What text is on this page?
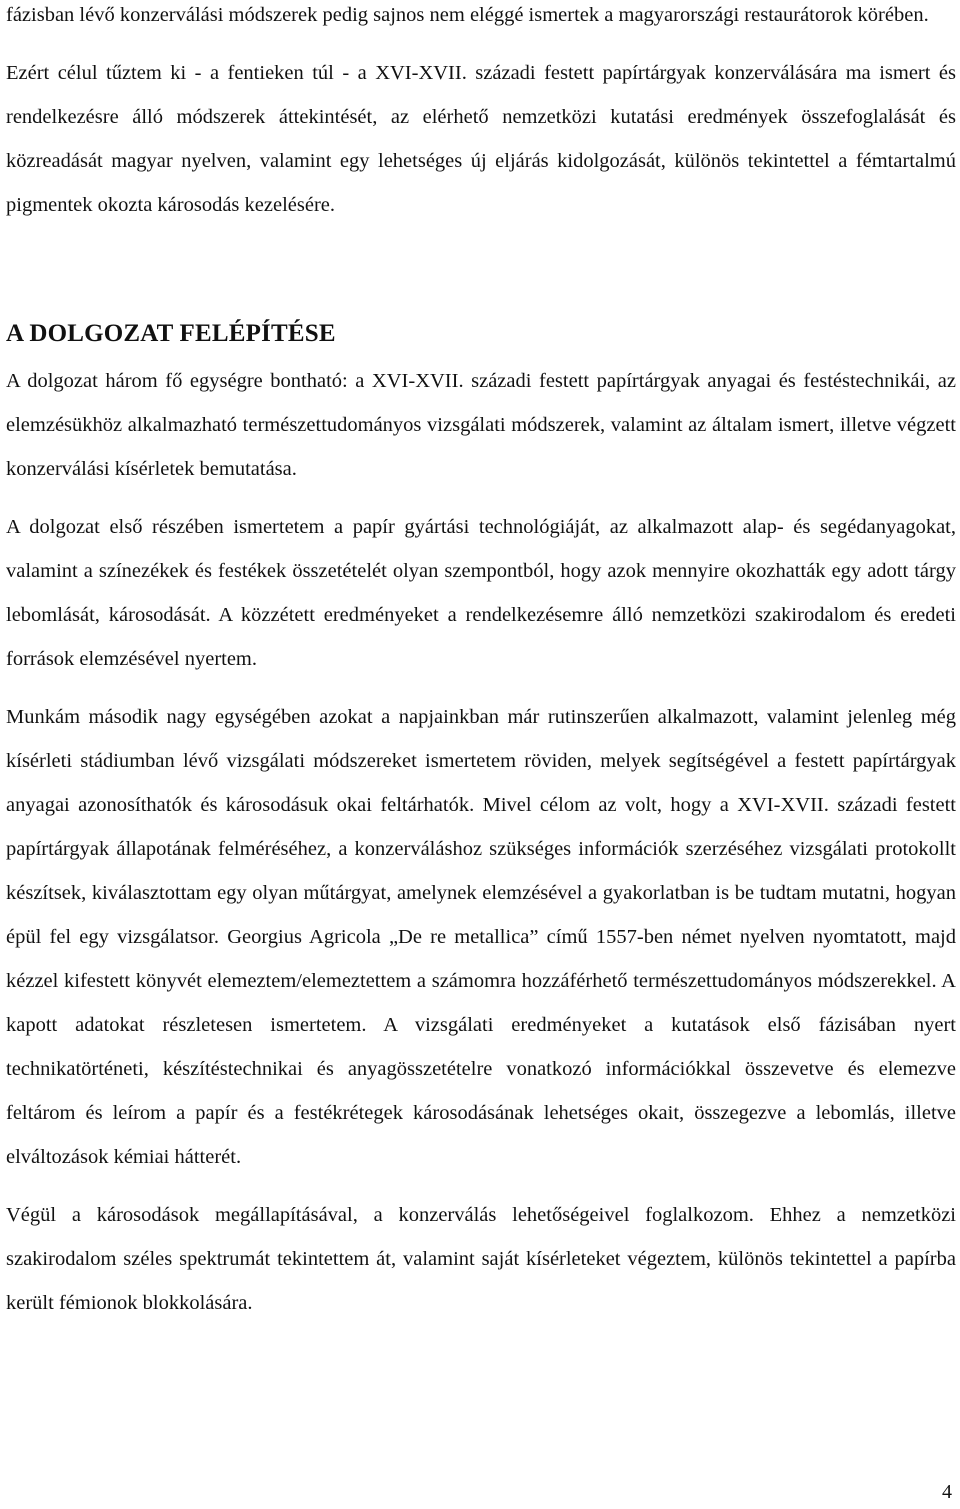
fázisban lévő konzerválási módszerek pedig sajnos nem eléggé ismertek a magyarországi restaurátorok körében.

Ezért célul tűztem ki - a fentieken túl - a XVI-XVII. századi festett papírtárgyak konzerválására ma ismert és rendelkezésre álló módszerek áttekintését, az elérhető nemzetközi kutatási eredmények összefoglalását és közreadását magyar nyelven, valamint egy lehetséges új eljárás kidolgozását, különös tekintettel a fémtartalmú pigmentek okozta károsodás kezelésére.

A DOLGOZAT FELÉPÍTÉSE

A dolgozat három fő egységre bontható: a XVI-XVII. századi festett papírtárgyak anyagai és festéstechnikái, az elemzésükhöz alkalmazható természettudományos vizsgálati módszerek, valamint az általam ismert, illetve végzett konzerválási kísérletek bemutatása.

A dolgozat első részében ismertetem a papír gyártási technológiáját, az alkalmazott alap- és segédanyagokat, valamint a színezékek és festékek összetételét olyan szempontból, hogy azok mennyire okozhatták egy adott tárgy lebomlását, károsodását. A közzétett eredményeket a rendelkezésemre álló nemzetközi szakirodalom és eredeti források elemzésével nyertem.

Munkám második nagy egységében azokat a napjainkban már rutinszerűen alkalmazott, valamint jelenleg még kísérleti stádiumban lévő vizsgálati módszereket ismertetem röviden, melyek segítségével a festett papírtárgyak anyagai azonosíthatók és károsodásuk okai feltárhatók. Mivel célom az volt, hogy a XVI-XVII. századi festett papírtárgyak állapotának felméréséhez, a konzerváláshoz szükséges információk szerzéséhez vizsgálati protokollt készítsek, kiválasztottam egy olyan műtárgyat, amelynek elemzésével a gyakorlatban is be tudtam mutatni, hogyan épül fel egy vizsgálatsor. Georgius Agricola „De re metallica” című 1557-ben német nyelven nyomtatott, majd kézzel kifestett könyvét elemeztem/elemeztettem a számomra hozzáférhető természettudományos módszerekkel. A kapott adatokat részletesen ismertetem. A vizsgálati eredményeket a kutatások első fázisában nyert technikatörténeti, készítéstechnikai és anyagösszetételre vonatkozó információkkal összevetve és elemezve feltárom és leírom a papír és a festékrétegek károsodásának lehetséges okait, összegezve a lebomlás, illetve elváltozások kémiai hátterét.

Végül a károsodások megállapításával, a konzerválás lehetőségeivel foglalkozom. Ehhez a nemzetközi szakirodalom széles spektrumát tekintettem át, valamint saját kísérleteket végeztem, különös tekintettel a papírba került fémionok blokkolására.

4
